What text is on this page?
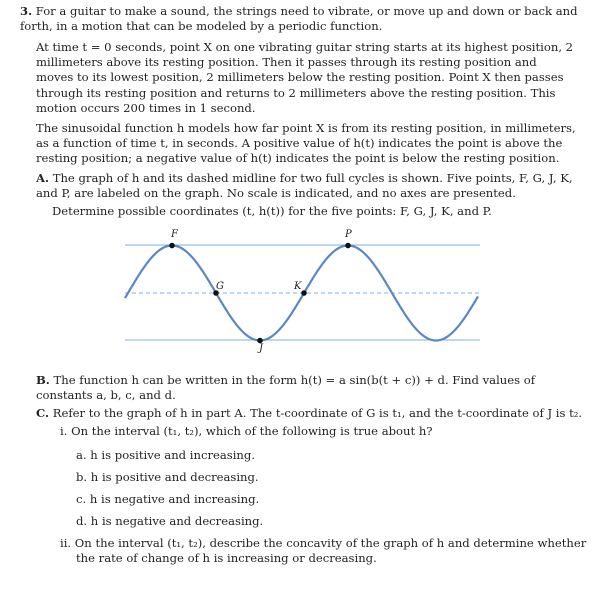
3. For a guitar to make a sound, the strings need to vibrate, or move up and down or back and forth, in a motion that can be modeled by a periodic function.

At time t = 0 seconds, point X on one vibrating guitar string starts at its highest position, 2 millimeters above its resting position. Then it passes through its resting position and moves to its lowest position, 2 millimeters below the resting position. Point X then passes through its resting position and returns to 2 millimeters above the resting position. This motion occurs 200 times in 1 second.

The sinusoidal function h models how far point X is from its resting position, in millimeters, as a function of time t, in seconds. A positive value of h(t) indicates the point is above the resting position; a negative value of h(t) indicates the point is below the resting position.

A. The graph of h and its dashed midline for two full cycles is shown. Five points, F, G, J, K, and P, are labeled on the graph. No scale is indicated, and no axes are presented.

Determine possible coordinates (t, h(t)) for the five points: F, G, J, K, and P.

F
G
J
K
P

B. The function h can be written in the form h(t) = a sin(b(t + c)) + d. Find values of constants a, b, c, and d.

C. Refer to the graph of h in part A. The t-coordinate of G is t₁, and the t-coordinate of J is t₂.

i. On the interval (t₁, t₂), which of the following is true about h?

a. h is positive and increasing.

b. h is positive and decreasing.

c. h is negative and increasing.

d. h is negative and decreasing.

ii. On the interval (t₁, t₂), describe the concavity of the graph of h and determine whether

the rate of change of h is increasing or decreasing.
